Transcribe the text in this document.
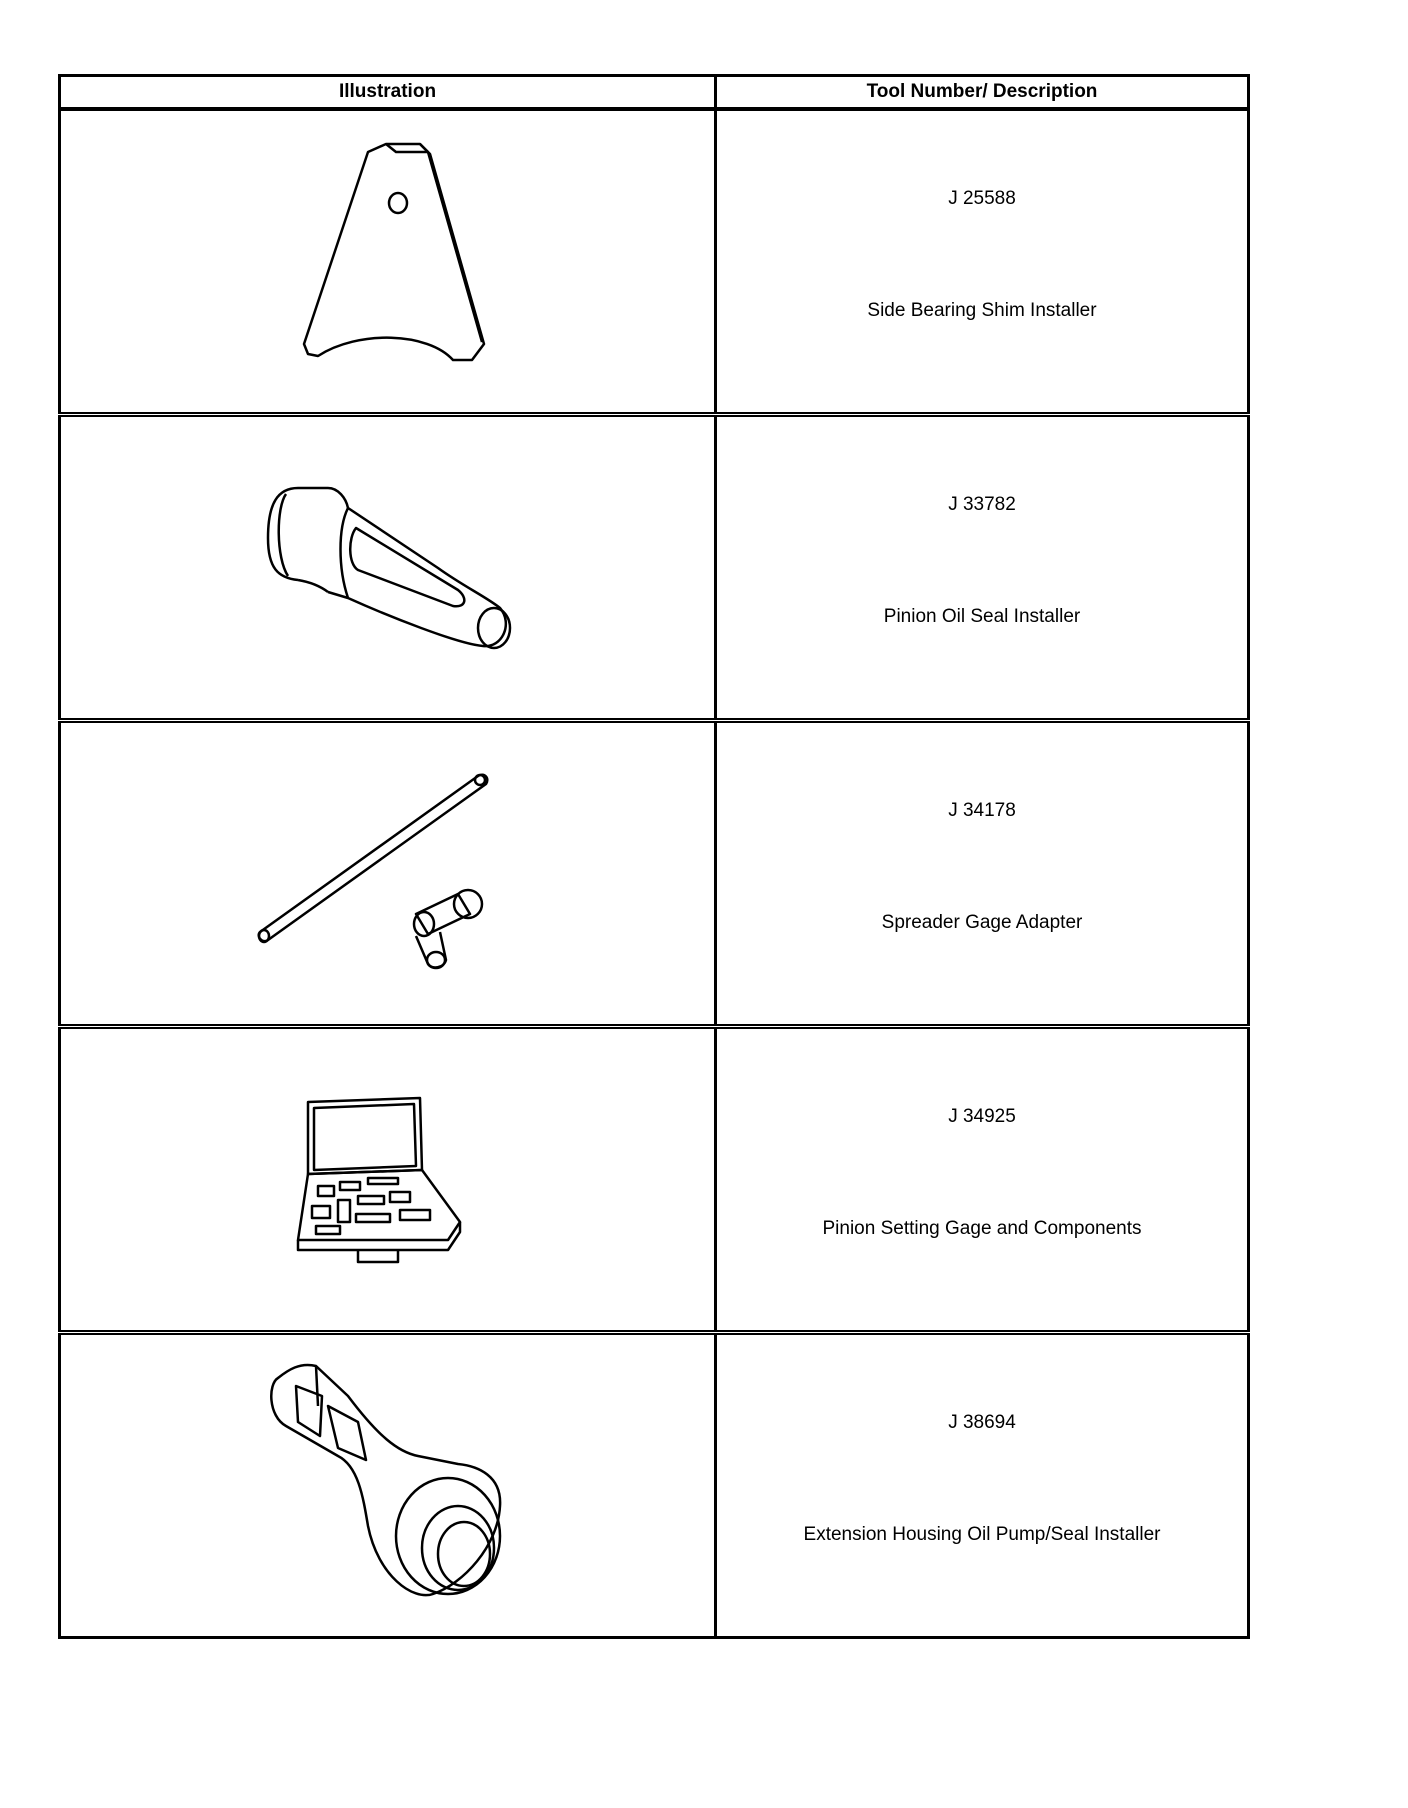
Illustration	Tool Number/ Description

J 25588
Side Bearing Shim Installer

J 33782
Pinion Oil Seal Installer

J 34178
Spreader Gage Adapter

J 34925
Pinion Setting Gage and Components

J 38694
Extension Housing Oil Pump/Seal Installer
